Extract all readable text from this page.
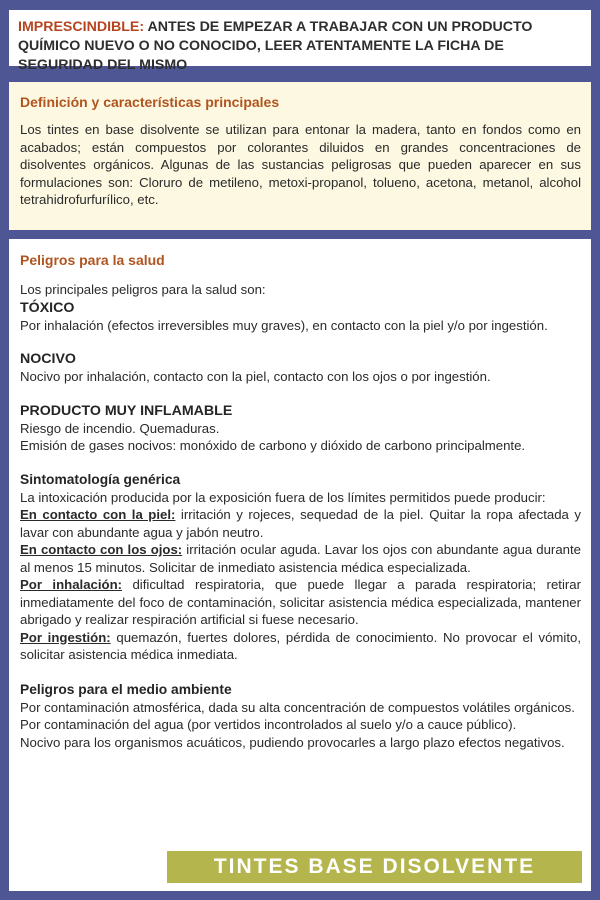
IMPRESCINDIBLE: ANTES DE EMPEZAR A TRABAJAR CON UN PRODUCTO QUÍMICO NUEVO O NO CONOCIDO, LEER ATENTAMENTE LA FICHA DE SEGURIDAD DEL MISMO

Definición y características principales

Los tintes en base disolvente se utilizan para entonar la madera, tanto en fondos como en acabados; están compuestos por colorantes diluidos en grandes concentraciones de disolventes orgánicos. Algunas de las sustancias peligrosas que pueden aparecer en sus formulaciones son: Cloruro de metileno, metoxi-propanol, tolueno, acetona, metanol, alcohol tetrahidrofurfurílico, etc.

Peligros para la salud

Los principales peligros para la salud son:

TÓXICO

Por inhalación (efectos irreversibles muy graves), en contacto con la piel y/o por ingestión.

NOCIVO

Nocivo por inhalación, contacto con la piel, contacto con los ojos o por ingestión.

PRODUCTO MUY INFLAMABLE

Riesgo de incendio. Quemaduras.

Emisión de gases nocivos: monóxido de carbono y dióxido de carbono principalmente.

Sintomatología genérica

La intoxicación producida por la exposición fuera de los límites permitidos puede producir:

En contacto con la piel: irritación y rojeces, sequedad de la piel. Quitar la ropa afectada y lavar con abundante agua y jabón neutro.

En contacto con los ojos: irritación ocular aguda. Lavar los ojos con abundante agua durante al menos 15 minutos. Solicitar de inmediato asistencia médica especializada.

Por inhalación: dificultad respiratoria, que puede llegar a parada respiratoria; retirar inmediatamente del foco de contaminación, solicitar asistencia médica especializada, mantener abrigado y realizar respiración artificial si fuese necesario.

Por ingestión: quemazón, fuertes dolores, pérdida de conocimiento. No provocar el vómito, solicitar asistencia médica inmediata.

Peligros para el medio ambiente

Por contaminación atmosférica, dada su alta concentración de compuestos volátiles orgánicos.

Por contaminación del agua (por vertidos incontrolados al suelo y/o a cauce público).

Nocivo para los organismos acuáticos, pudiendo provocarles a largo plazo efectos negativos.

TINTES BASE DISOLVENTE
